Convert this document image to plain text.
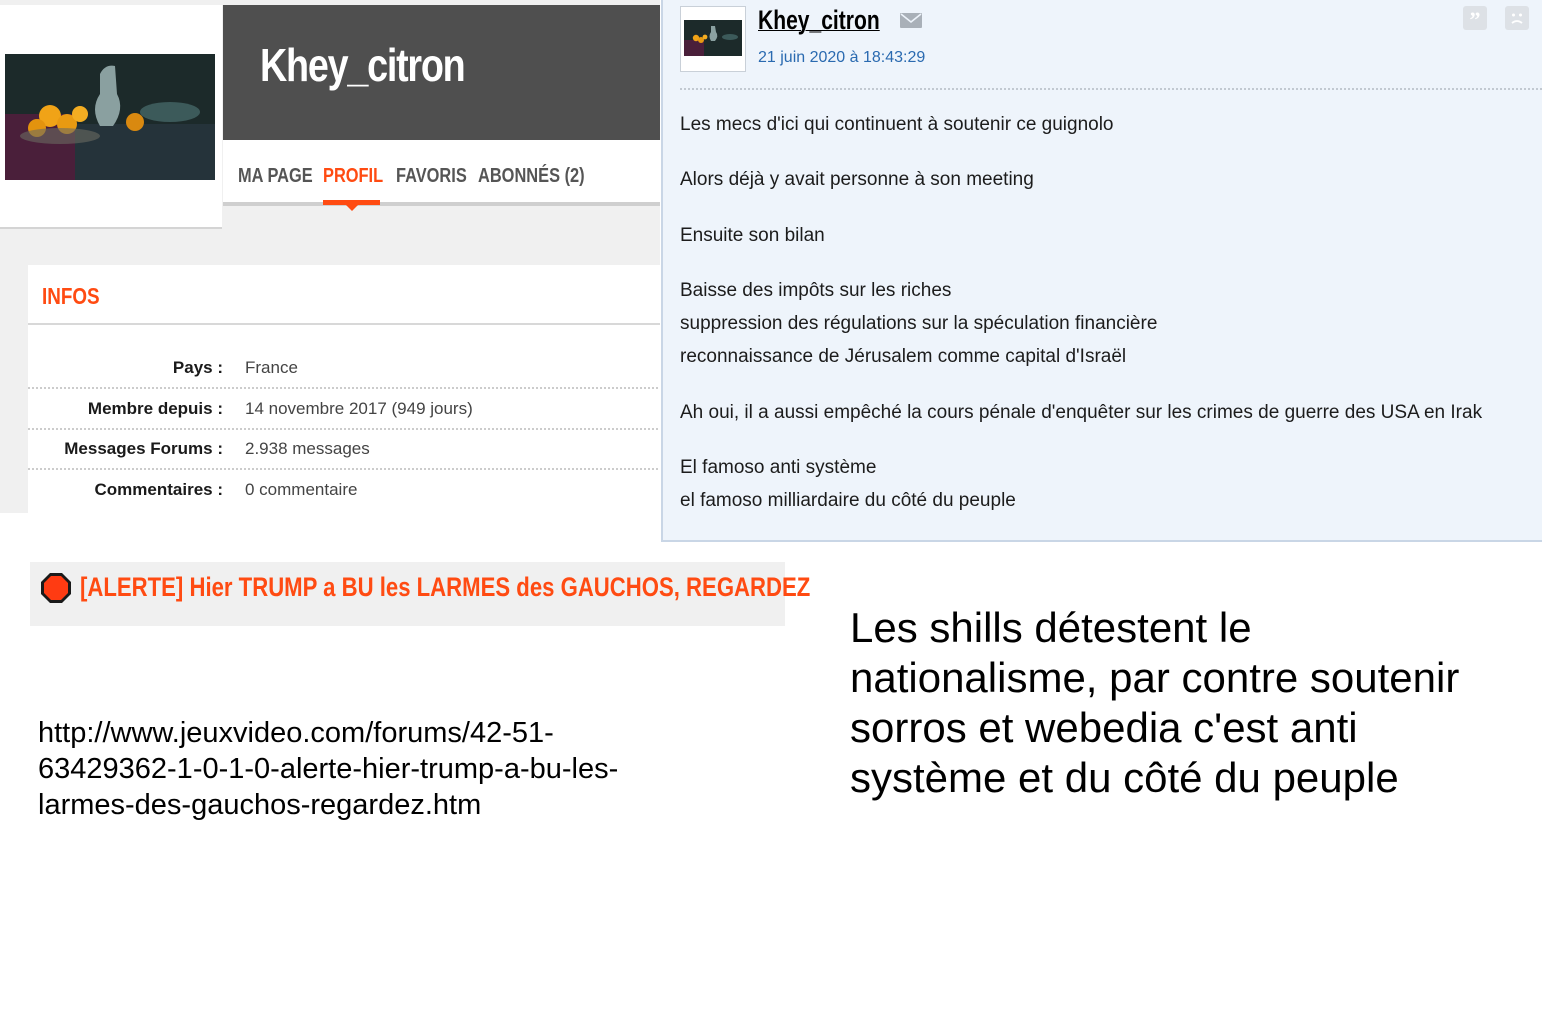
Khey_citron
MA PAGE PROFIL FAVORIS ABONNÉS (2)
INFOS
Pays : France
Membre depuis : 14 novembre 2017 (949 jours)
Messages Forums : 2.938 messages
Commentaires : 0 commentaire
Khey_citron
21 juin 2020 à 18:43:29
”
Les mecs d'ici qui continuent à soutenir ce guignolo
Alors déjà y avait personne à son meeting
Ensuite son bilan
Baisse des impôts sur les riches
suppression des régulations sur la spéculation financière
reconnaissance de Jérusalem comme capital d'Israël
Ah oui, il a aussi empêché la cours pénale d'enquêter sur les crimes de guerre des USA en Irak
El famoso anti système
el famoso milliardaire du côté du peuple
[ALERTE] Hier TRUMP a BU les LARMES des GAUCHOS, REGARDEZ
http://www.jeuxvideo.com/forums/42-51-63429362-1-0-1-0-alerte-hier-trump-a-bu-les-larmes-des-gauchos-regardez.htm
Les shills détestent le nationalisme, par contre soutenir sorros et webedia c'est anti système et du côté du peuple
